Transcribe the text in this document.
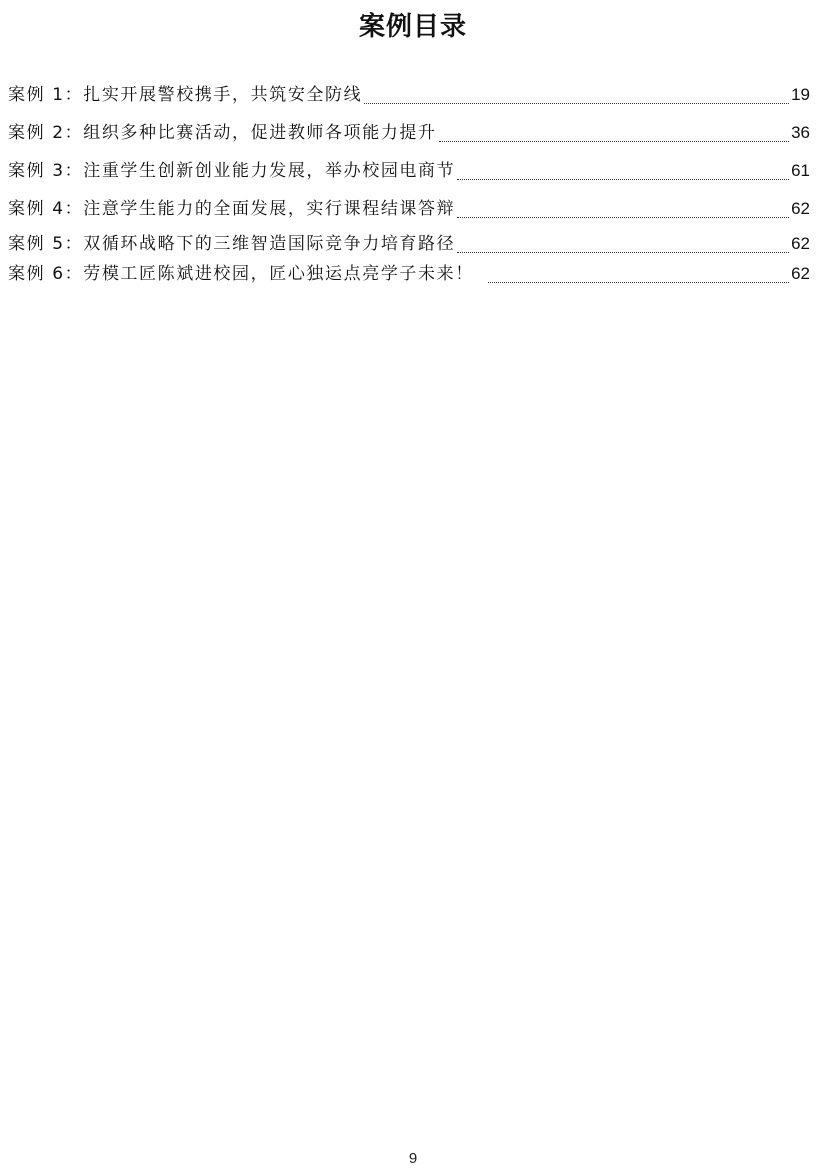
案例目录
案例 1：扎实开展警校携手，共筑安全防线	19
案例 2：组织多种比赛活动，促进教师各项能力提升	36
案例 3：注重学生创新创业能力发展，举办校园电商节	61
案例 4：注意学生能力的全面发展，实行课程结课答辩	62
案例 5：双循环战略下的三维智造国际竞争力培育路径	62
案例 6：劳模工匠陈斌进校园，匠心独运点亮学子未来！	62
9
